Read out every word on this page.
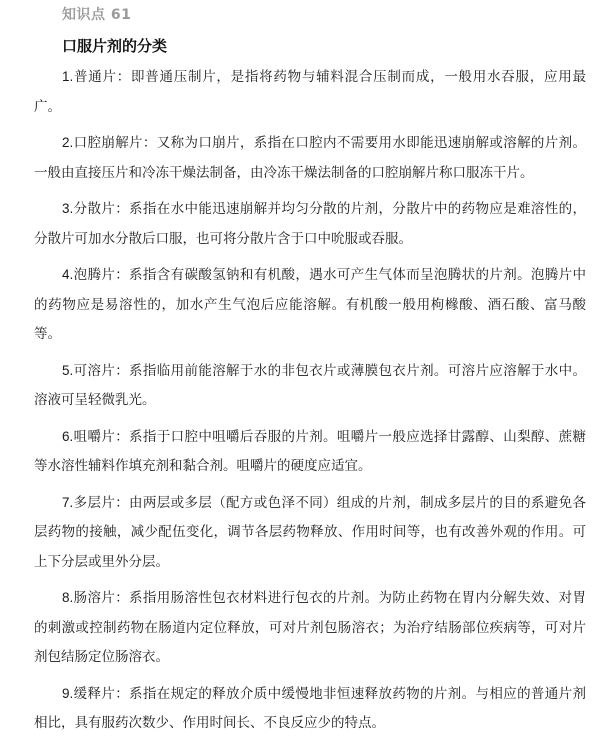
知识点 61
口服片剂的分类

1.普通片：即普通压制片，是指将药物与辅料混合压制而成，一般用水吞服，应用最广。

2.口腔崩解片：又称为口崩片，系指在口腔内不需要用水即能迅速崩解或溶解的片剂。一般由直接压片和冷冻干燥法制备，由冷冻干燥法制备的口腔崩解片称口服冻干片。

3.分散片：系指在水中能迅速崩解并均匀分散的片剂，分散片中的药物应是难溶性的，分散片可加水分散后口服，也可将分散片含于口中吮服或吞服。

4.泡腾片：系指含有碳酸氢钠和有机酸，遇水可产生气体而呈泡腾状的片剂。泡腾片中的药物应是易溶性的，加水产生气泡后应能溶解。有机酸一般用枸橼酸、酒石酸、富马酸等。

5.可溶片：系指临用前能溶解于水的非包衣片或薄膜包衣片剂。可溶片应溶解于水中。溶液可呈轻微乳光。

6.咀嚼片：系指于口腔中咀嚼后吞服的片剂。咀嚼片一般应选择甘露醇、山梨醇、蔗糖等水溶性辅料作填充剂和黏合剂。咀嚼片的硬度应适宜。

7.多层片：由两层或多层（配方或色泽不同）组成的片剂，制成多层片的目的系避免各层药物的接触，减少配伍变化，调节各层药物释放、作用时间等，也有改善外观的作用。可上下分层或里外分层。

8.肠溶片：系指用肠溶性包衣材料进行包衣的片剂。为防止药物在胃内分解失效、对胃的刺激或控制药物在肠道内定位释放，可对片剂包肠溶衣；为治疗结肠部位疾病等，可对片剂包结肠定位肠溶衣。

9.缓释片：系指在规定的释放介质中缓慢地非恒速释放药物的片剂。与相应的普通片剂相比，具有服药次数少、作用时间长、不良反应少的特点。
